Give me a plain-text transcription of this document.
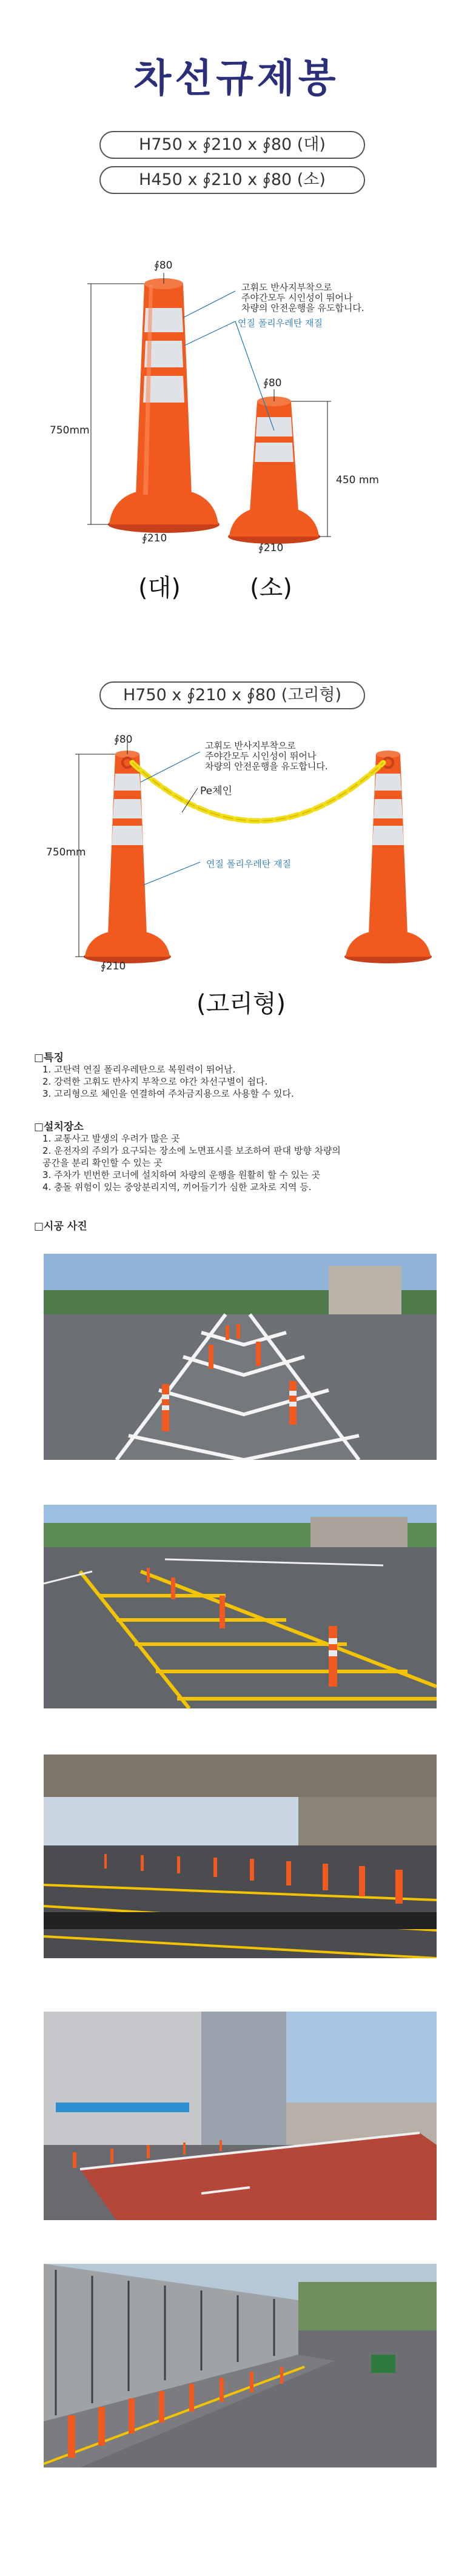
차선규제봉
H750 x ∮210 x ∮80 (대)
H450 x ∮210 x ∮80 (소)
∮80
∮80
750mm
450 mm
∮210
∮210
고휘도 반사지부착으로
주야간모두 시인성이 뛰어나
차량의 안전운행을 유도합니다.
연질 폴리우레탄 재질
(대)	(소)
H750 x ∮210 x ∮80 (고리형)
∮80
750mm
∮210
고휘도 반사지부착으로
주야간모두 시인성이 뛰어나
차량의 안전운행을 유도합니다.
Pe체인
연질 폴리우레탄 재질
(고리형)
□특징
1. 고탄력 연질 폴리우레탄으로 복원력이 뛰어남.
2. 강력한 고휘도 반사지 부착으로 야간 차선구별이 쉽다.
3. 고리형으로 체인을 연결하여 주차금지용으로 사용할 수 있다.
□설치장소
1. 교통사고 발생의 우려가 많은 곳
2. 운전자의 주의가 요구되는 장소에 노면표시를 보조하여 판대 방향 차량의
공간을 분리 확인할 수 있는 곳
3. 주차가 빈번한 코너에 설치하여 차량의 운행을 원활히 할 수 있는 곳
4. 충돌 위험이 있는 중앙분리지역, 끼어들기가 심한 교차로 지역 등.
□시공 사진
